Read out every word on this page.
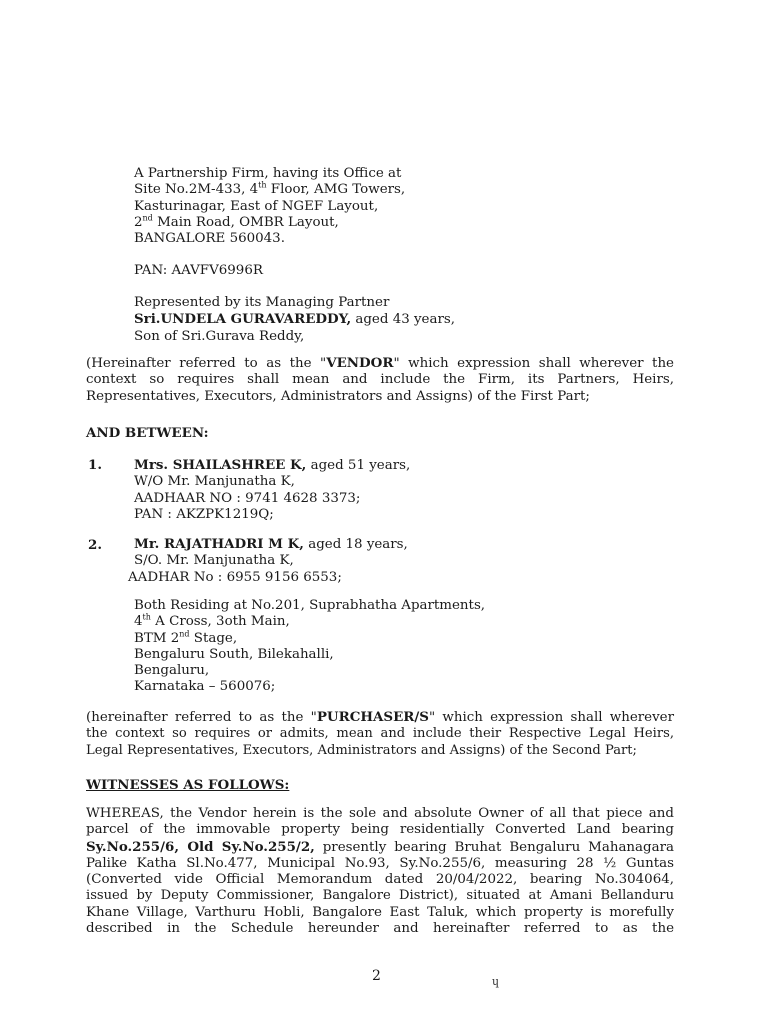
A Partnership Firm, having its Office at
Site No.2M-433, 4th Floor, AMG Towers,
Kasturinagar, East of NGEF Layout,
2nd Main Road, OMBR Layout,
BANGALORE 560043.
PAN: AAVFV6996R
Represented by its Managing Partner
Sri.UNDELA GURAVAREDDY, aged 43 years,
Son of Sri.Gurava Reddy,
(Hereinafter referred to as the "VENDOR" which expression shall wherever the
context so requires shall mean and include the Firm, its Partners, Heirs,
Representatives, Executors, Administrators and Assigns) of the First Part;
AND BETWEEN:
1. Mrs. SHAILASHREE K, aged 51 years,
W/O Mr. Manjunatha K,
AADHAAR NO : 9741 4628 3373;
PAN : AKZPK1219Q;
2. Mr. RAJATHADRI M K, aged 18 years,
S/O. Mr. Manjunatha K,
AADHAR No : 6955 9156 6553;
Both Residing at No.201, Suprabhatha Apartments,
4th A Cross, 3oth Main,
BTM 2nd Stage,
Bengaluru South, Bilekahalli,
Bengaluru,
Karnataka – 560076;
(hereinafter referred to as the "PURCHASER/S" which expression shall wherever
the context so requires or admits, mean and include their Respective Legal Heirs,
Legal Representatives, Executors, Administrators and Assigns) of the Second Part;
WITNESSES AS FOLLOWS:
WHEREAS, the Vendor herein is the sole and absolute Owner of all that piece and
parcel of the immovable property being residentially Converted Land bearing
Sy.No.255/6, Old Sy.No.255/2, presently bearing Bruhat Bengaluru Mahanagara
Palike Katha Sl.No.477, Municipal No.93, Sy.No.255/6, measuring 28 ½ Guntas
(Converted vide Official Memorandum dated 20/04/2022, bearing No.304064,
issued by Deputy Commissioner, Bangalore District), situated at Amani Bellanduru
Khane Village, Varthuru Hobli, Bangalore East Taluk, which property is morefully
described in the Schedule hereunder and hereinafter referred to as the
2	ɥ
